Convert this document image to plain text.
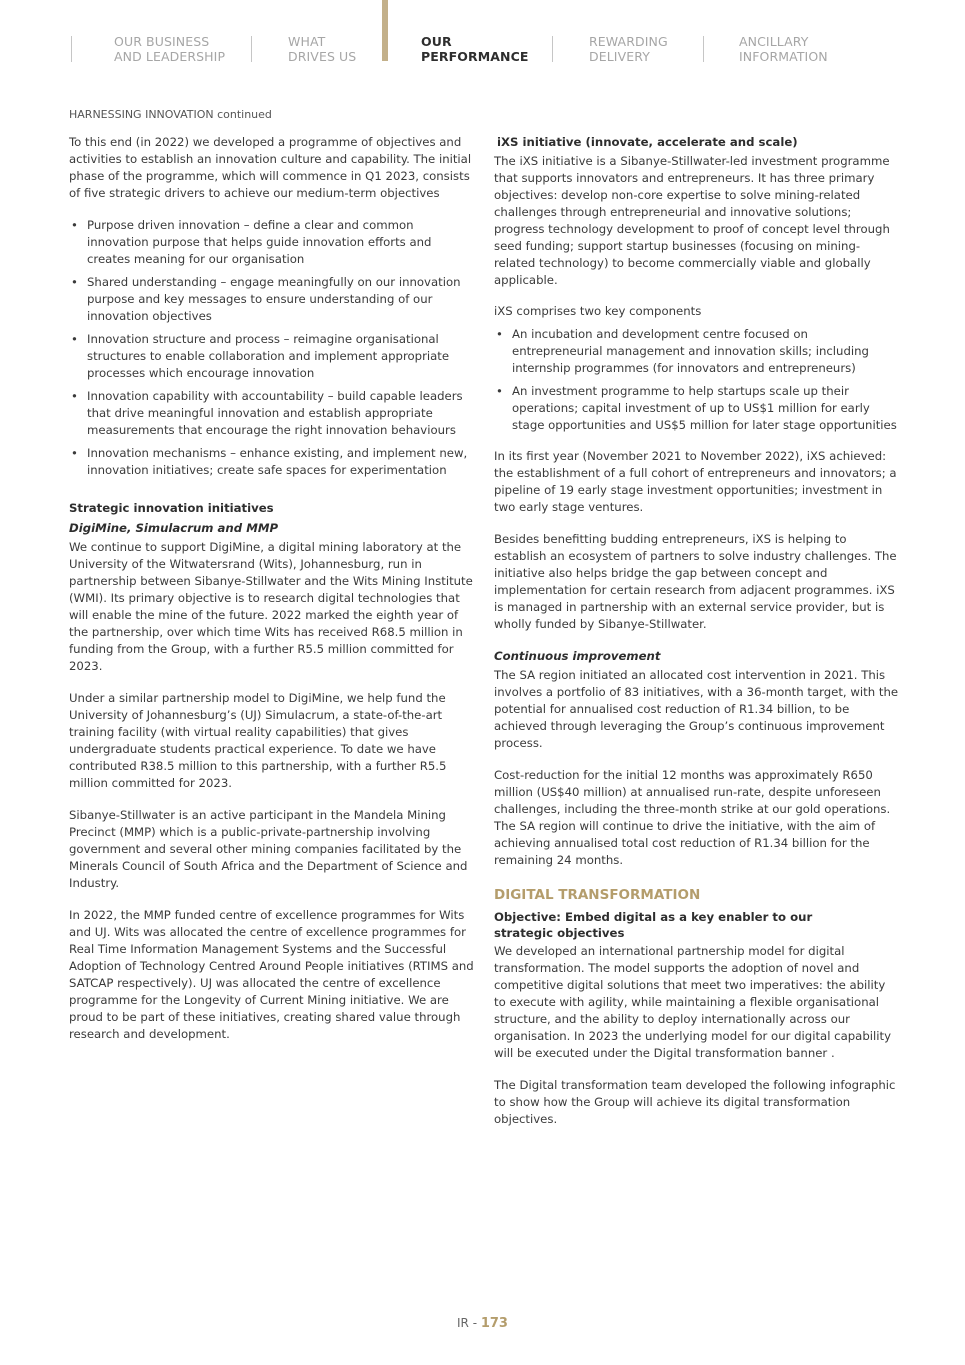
OUR BUSINESS
AND LEADERSHIP
WHAT
DRIVES US
OUR
PERFORMANCE
REWARDING
DELIVERY
ANCILLARY
INFORMATION
HARNESSING INNOVATION continued

To this end (in 2022) we developed a programme of objectives and activities to establish an innovation culture and capability. The initial phase of the programme, which will commence in Q1 2023, consists of five strategic drivers to achieve our medium-term objectives

• Purpose driven innovation – define a clear and common innovation purpose that helps guide innovation efforts and creates meaning for our organisation
• Shared understanding – engage meaningfully on our innovation purpose and key messages to ensure understanding of our innovation objectives
• Innovation structure and process – reimagine organisational structures to enable collaboration and implement appropriate processes which encourage innovation
• Innovation capability with accountability – build capable leaders that drive meaningful innovation and establish appropriate measurements that encourage the right innovation behaviours
• Innovation mechanisms – enhance existing, and implement new, innovation initiatives; create safe spaces for experimentation
Strategic innovation initiatives
DigiMine, Simulacrum and MMP

We continue to support DigiMine, a digital mining laboratory at the University of the Witwatersrand (Wits), Johannesburg, run in partnership between Sibanye-Stillwater and the Wits Mining Institute (WMI). Its primary objective is to research digital technologies that will enable the mine of the future. 2022 marked the eighth year of the partnership, over which time Wits has received R68.5 million in funding from the Group, with a further R5.5 million committed for 2023.

Under a similar partnership model to DigiMine, we help fund the University of Johannesburg’s (UJ) Simulacrum, a state-of-the-art training facility (with virtual reality capabilities) that gives undergraduate students practical experience. To date we have contributed R38.5 million to this partnership, with a further R5.5 million committed for 2023.

Sibanye-Stillwater is an active participant in the Mandela Mining Precinct (MMP) which is a public-private-partnership involving government and several other mining companies facilitated by the Minerals Council of South Africa and the Department of Science and Industry.

In 2022, the MMP funded centre of excellence programmes for Wits and UJ. Wits was allocated the centre of excellence programmes for Real Time Information Management Systems and the Successful Adoption of Technology Centred Around People initiatives (RTIMS and SATCAP respectively). UJ was allocated the centre of excellence programme for the Longevity of Current Mining initiative. We are proud to be part of these initiatives, creating shared value through research and development.

iXS initiative (innovate, accelerate and scale)

The iXS initiative is a Sibanye-Stillwater-led investment programme that supports innovators and entrepreneurs. It has three primary objectives: develop non-core expertise to solve mining-related challenges through entrepreneurial and innovative solutions; progress technology development to proof of concept level through seed funding; support startup businesses (focusing on mining-related technology) to become commercially viable and globally applicable.

iXS comprises two key components

• An incubation and development centre focused on entrepreneurial management and innovation skills; including internship programmes (for innovators and entrepreneurs)
• An investment programme to help startups scale up their operations; capital investment of up to US$1 million for early stage opportunities and US$5 million for later stage opportunities

In its first year (November 2021 to November 2022), iXS achieved: the establishment of a full cohort of entrepreneurs and innovators; a pipeline of 19 early stage investment opportunities; investment in two early stage ventures.

Besides benefitting budding entrepreneurs, iXS is helping to establish an ecosystem of partners to solve industry challenges. The initiative also helps bridge the gap between concept and implementation for certain research from adjacent programmes. iXS is managed in partnership with an external service provider, but is wholly funded by Sibanye-Stillwater.

Continuous improvement

The SA region initiated an allocated cost intervention in 2021. This involves a portfolio of 83 initiatives, with a 36-month target, with the potential for annualised cost reduction of R1.34 billion, to be achieved through leveraging the Group’s continuous improvement process.

Cost-reduction for the initial 12 months was approximately R650 million (US$40 million) at annualised run-rate, despite unforeseen challenges, including the three-month strike at our gold operations. The SA region will continue to drive the initiative, with the aim of achieving annualised total cost reduction of R1.34 billion for the remaining 24 months.

DIGITAL TRANSFORMATION
Objective: Embed digital as a key enabler to our strategic objectives

We developed an international partnership model for digital transformation. The model supports the adoption of novel and competitive digital solutions that meet two imperatives: the ability to execute with agility, while maintaining a flexible organisational structure, and the ability to deploy internationally across our organisation. In 2023 the underlying model for our digital capability will be executed under the Digital transformation banner .

The Digital transformation team developed the following infographic to show how the Group will achieve its digital transformation objectives.

IR - 173
